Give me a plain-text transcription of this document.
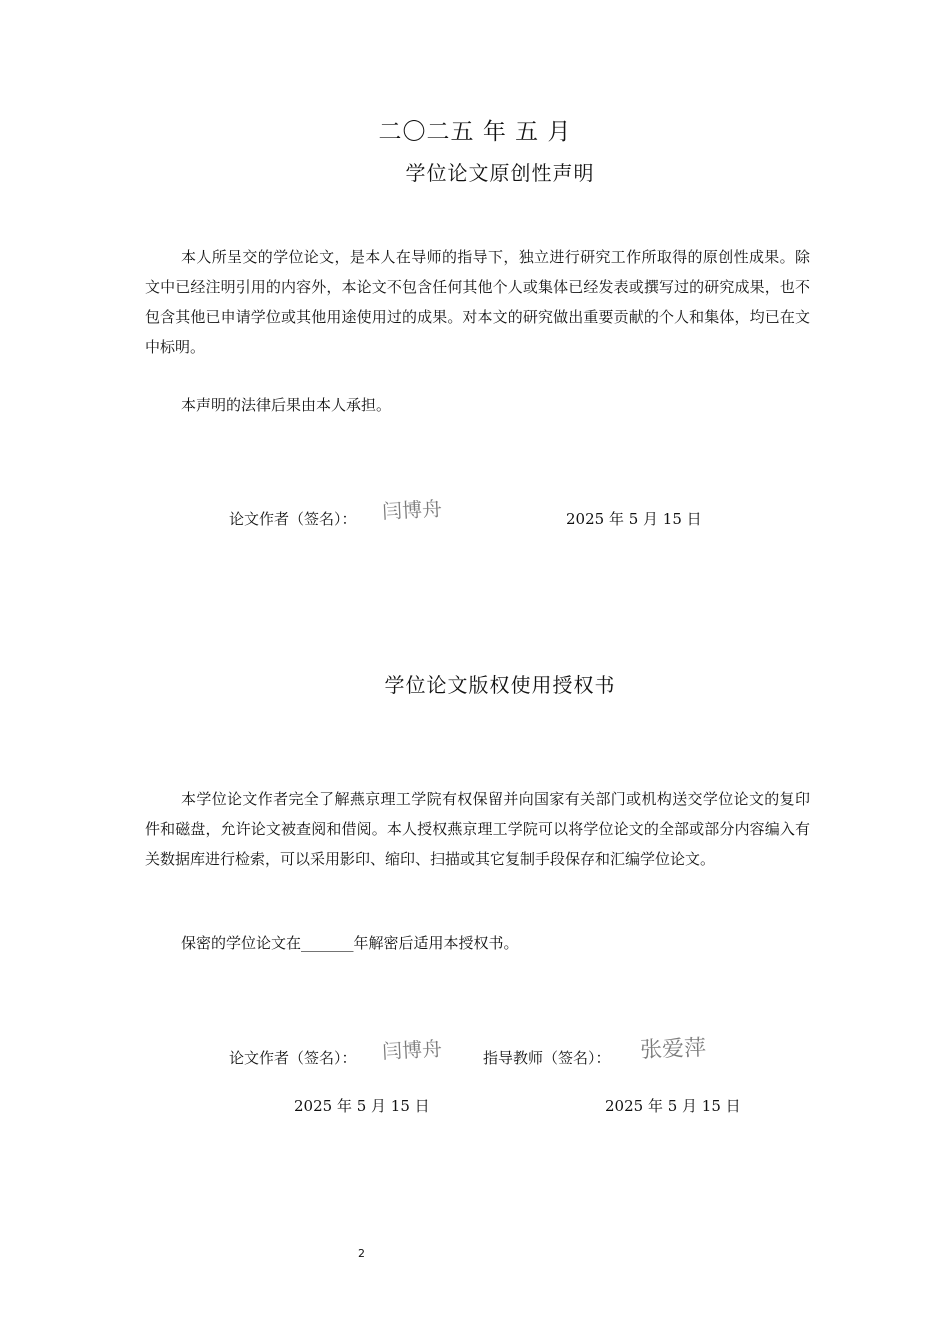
二〇二五 年 五 月
学位论文原创性声明

本人所呈交的学位论文，是本人在导师的指导下，独立进行研究工作所取得的原创性成果。除文中已经注明引用的内容外，本论文不包含任何其他个人或集体已经发表或撰写过的研究成果，也不包含其他已申请学位或其他用途使用过的成果。对本文的研究做出重要贡献的个人和集体，均已在文中标明。

本声明的法律后果由本人承担。

论文作者（签名）： 闫博舟	2025 年 5 月 15 日
学位论文版权使用授权书

本学位论文作者完全了解燕京理工学院有权保留并向国家有关部门或机构送交学位论文的复印件和磁盘，允许论文被查阅和借阅。本人授权燕京理工学院可以将学位论文的全部或部分内容编入有关数据库进行检索，可以采用影印、缩印、扫描或其它复制手段保存和汇编学位论文。

保密的学位论文在_______年解密后适用本授权书。

论文作者（签名）： 闫博舟	指导教师（签名）： 张爱萍
2025 年 5 月 15 日	2025 年 5 月 15 日
2
